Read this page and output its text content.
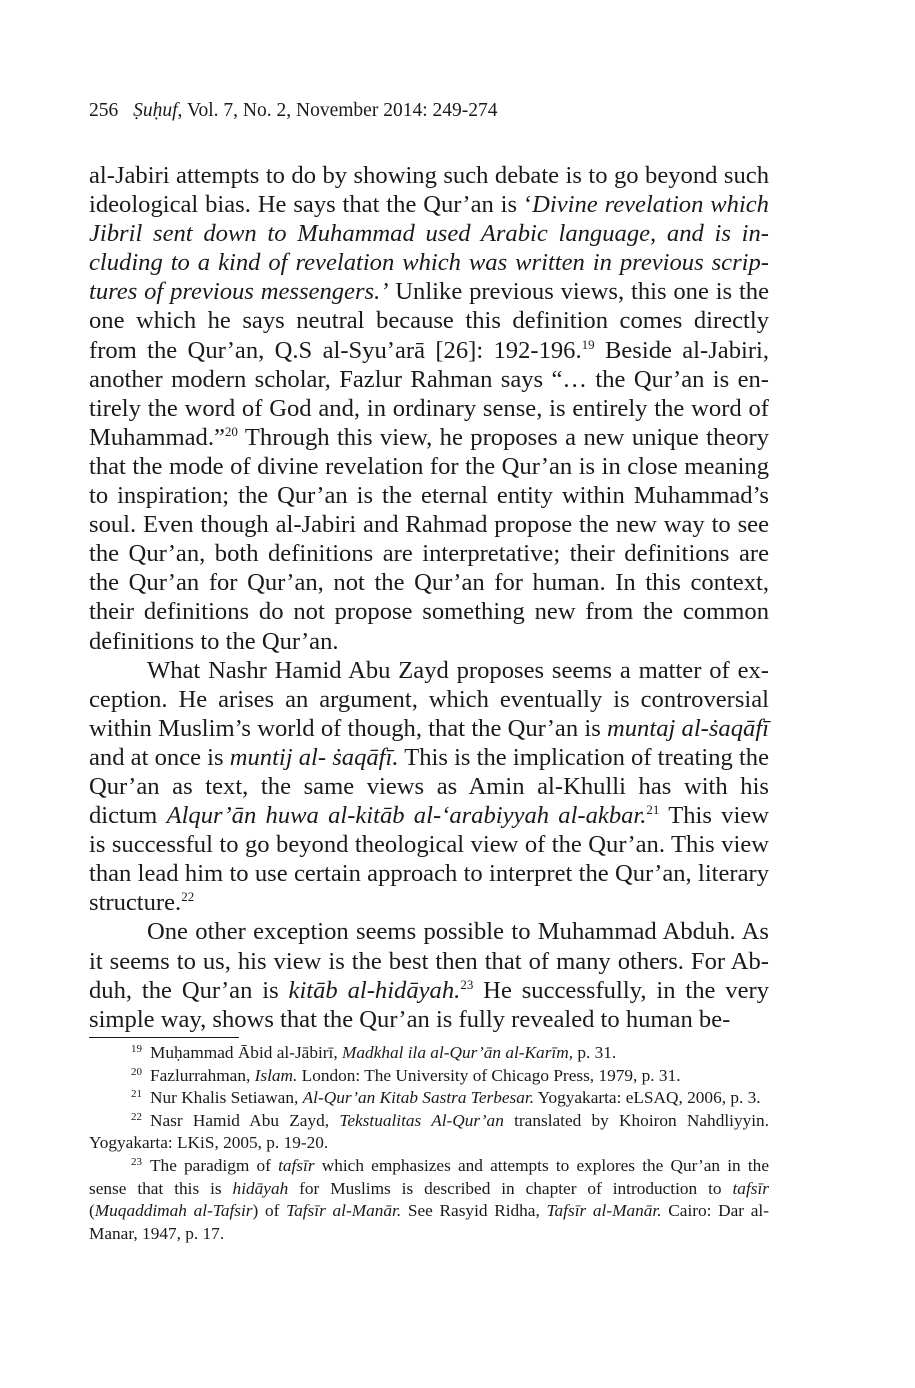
256 Ṣuḥuf, Vol. 7, No. 2, November 2014: 249-274

al-Jabiri attempts to do by showing such debate is to go beyond such ideological bias. He says that the Qur’an is ‘Divine revelation which Jibril sent down to Muhammad used Arabic language, and is including to a kind of revelation which was written in previous scriptures of previous messengers.’ Unlike previous views, this one is the one which he says neutral because this definition comes directly from the Qur’an, Q.S al-Syu’arā [26]: 192-196.19 Beside al-Jabiri, another modern scholar, Fazlur Rahman says “… the Qur’an is entirely the word of God and, in ordinary sense, is entirely the word of Muhammad.”$^{20}$ Through this view, he proposes a new unique theory that the mode of divine revelation for the Qur’an is in close meaning to inspiration; the Qur’an is the eternal entity within Muhammad’s soul. Even though al-Jabiri and Rahmad propose the new way to see the Qur’an, both definitions are interpretative; their definitions are the Qur’an for Qur’an, not the Qur’an for human. In this context, their definitions do not propose something new from the common definitions to the Qur’an.

What Nashr Hamid Abu Zayd proposes seems a matter of exception. He arises an argument, which eventually is controversial within Muslim’s world of though, that the Qur’an is muntaj al-ṡaqāfī and at once is muntij al- ṡaqāfī. This is the implication of treating the Qur’an as text, the same views as Amin al-Khulli has with his dictum Alqur’ān huwa al-kitāb al-‘arabiyyah al-akbar.$^{21}$ This view is successful to go beyond theological view of the Qur’an. This view than lead him to use certain approach to interpret the Qur’an, literary structure.$^{22}$

One other exception seems possible to Muhammad Abduh. As it seems to us, his view is the best then that of many others. For Abduh, the Qur’an is kitāb al-hidāyah.$^{23}$ He successfully, in the very simple way, shows that the Qur’an is fully revealed to human be-

$^{19}$ Muḥammad Ābid al-Jābirī, Madkhal ila al-Qur’ān al-Karīm, p. 31.

$^{20}$ Fazlurrahman, Islam. London: The University of Chicago Press, 1979, p. 31.

$^{21}$ Nur Khalis Setiawan, Al-Qur’an Kitab Sastra Terbesar. Yogyakarta: eLSAQ, 2006, p. 3.

$^{22}$ Nasr Hamid Abu Zayd, Tekstualitas Al-Qur’an translated by Khoiron Nahdliyyin. Yogyakarta: LKiS, 2005, p. 19-20.

$^{23}$ The paradigm of tafsīr which emphasizes and attempts to explores the Qur’an in the sense that this is hidāyah for Muslims is described in chapter of introduction to tafsīr (Muqaddimah al-Tafsir) of Tafsīr al-Manār. See Rasyid Ridha, Tafsīr al-Manār. Cairo: Dar al-Manar, 1947, p. 17.
